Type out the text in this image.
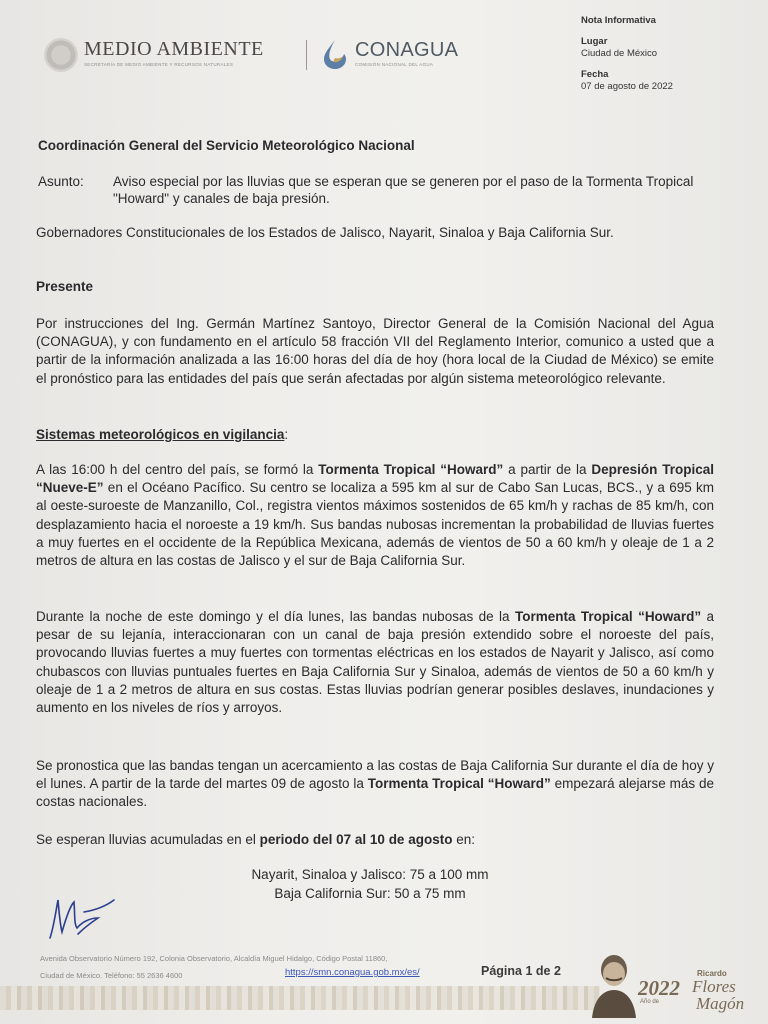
MEDIO AMBIENTE
SECRETARÍA DE MEDIO AMBIENTE Y RECURSOS NATURALES
CONAGUA
COMISIÓN NACIONAL DEL AGUA
Nota Informativa
Lugar
Ciudad de México
Fecha
07 de agosto de 2022
Coordinación General del Servicio Meteorológico Nacional
Asunto: Aviso especial por las lluvias que se esperan que se generen por el paso de la Tormenta Tropical "Howard" y canales de baja presión.
Gobernadores Constitucionales de los Estados de Jalisco, Nayarit, Sinaloa y Baja California Sur.
Presente
Por instrucciones del Ing. Germán Martínez Santoyo, Director General de la Comisión Nacional del Agua (CONAGUA), y con fundamento en el artículo 58 fracción VII del Reglamento Interior, comunico a usted que a partir de la información analizada a las 16:00 horas del día de hoy (hora local de la Ciudad de México) se emite el pronóstico para las entidades del país que serán afectadas por algún sistema meteorológico relevante.
Sistemas meteorológicos en vigilancia:
A las 16:00 h del centro del país, se formó la Tormenta Tropical “Howard” a partir de la Depresión Tropical “Nueve-E” en el Océano Pacífico. Su centro se localiza a 595 km al sur de Cabo San Lucas, BCS., y a 695 km al oeste-suroeste de Manzanillo, Col., registra vientos máximos sostenidos de 65 km/h y rachas de 85 km/h, con desplazamiento hacia el noroeste a 19 km/h. Sus bandas nubosas incrementan la probabilidad de lluvias fuertes a muy fuertes en el occidente de la República Mexicana, además de vientos de 50 a 60 km/h y oleaje de 1 a 2 metros de altura en las costas de Jalisco y el sur de Baja California Sur.
Durante la noche de este domingo y el día lunes, las bandas nubosas de la Tormenta Tropical “Howard” a pesar de su lejanía, interaccionaran con un canal de baja presión extendido sobre el noroeste del país, provocando lluvias fuertes a muy fuertes con tormentas eléctricas en los estados de Nayarit y Jalisco, así como chubascos con lluvias puntuales fuertes en Baja California Sur y Sinaloa, además de vientos de 50 a 60 km/h y oleaje de 1 a 2 metros de altura en sus costas. Estas lluvias podrían generar posibles deslaves, inundaciones y aumento en los niveles de ríos y arroyos.
Se pronostica que las bandas tengan un acercamiento a las costas de Baja California Sur durante el día de hoy y el lunes. A partir de la tarde del martes 09 de agosto la Tormenta Tropical “Howard” empezará alejarse más de costas nacionales.
Se esperan lluvias acumuladas en el periodo del 07 al 10 de agosto en:
Nayarit, Sinaloa y Jalisco: 75 a 100 mm
Baja California Sur: 50 a 75 mm
Avenida Observatorio Número 192, Colonia Observatorio, Alcaldía Miguel Hidalgo, Código Postal 11860,
Ciudad de México. Teléfono: 55 2636 4600	https://smn.conagua.gob.mx/es/	Página 1 de 2
2022
Año de
Ricardo
Flores
Magón
